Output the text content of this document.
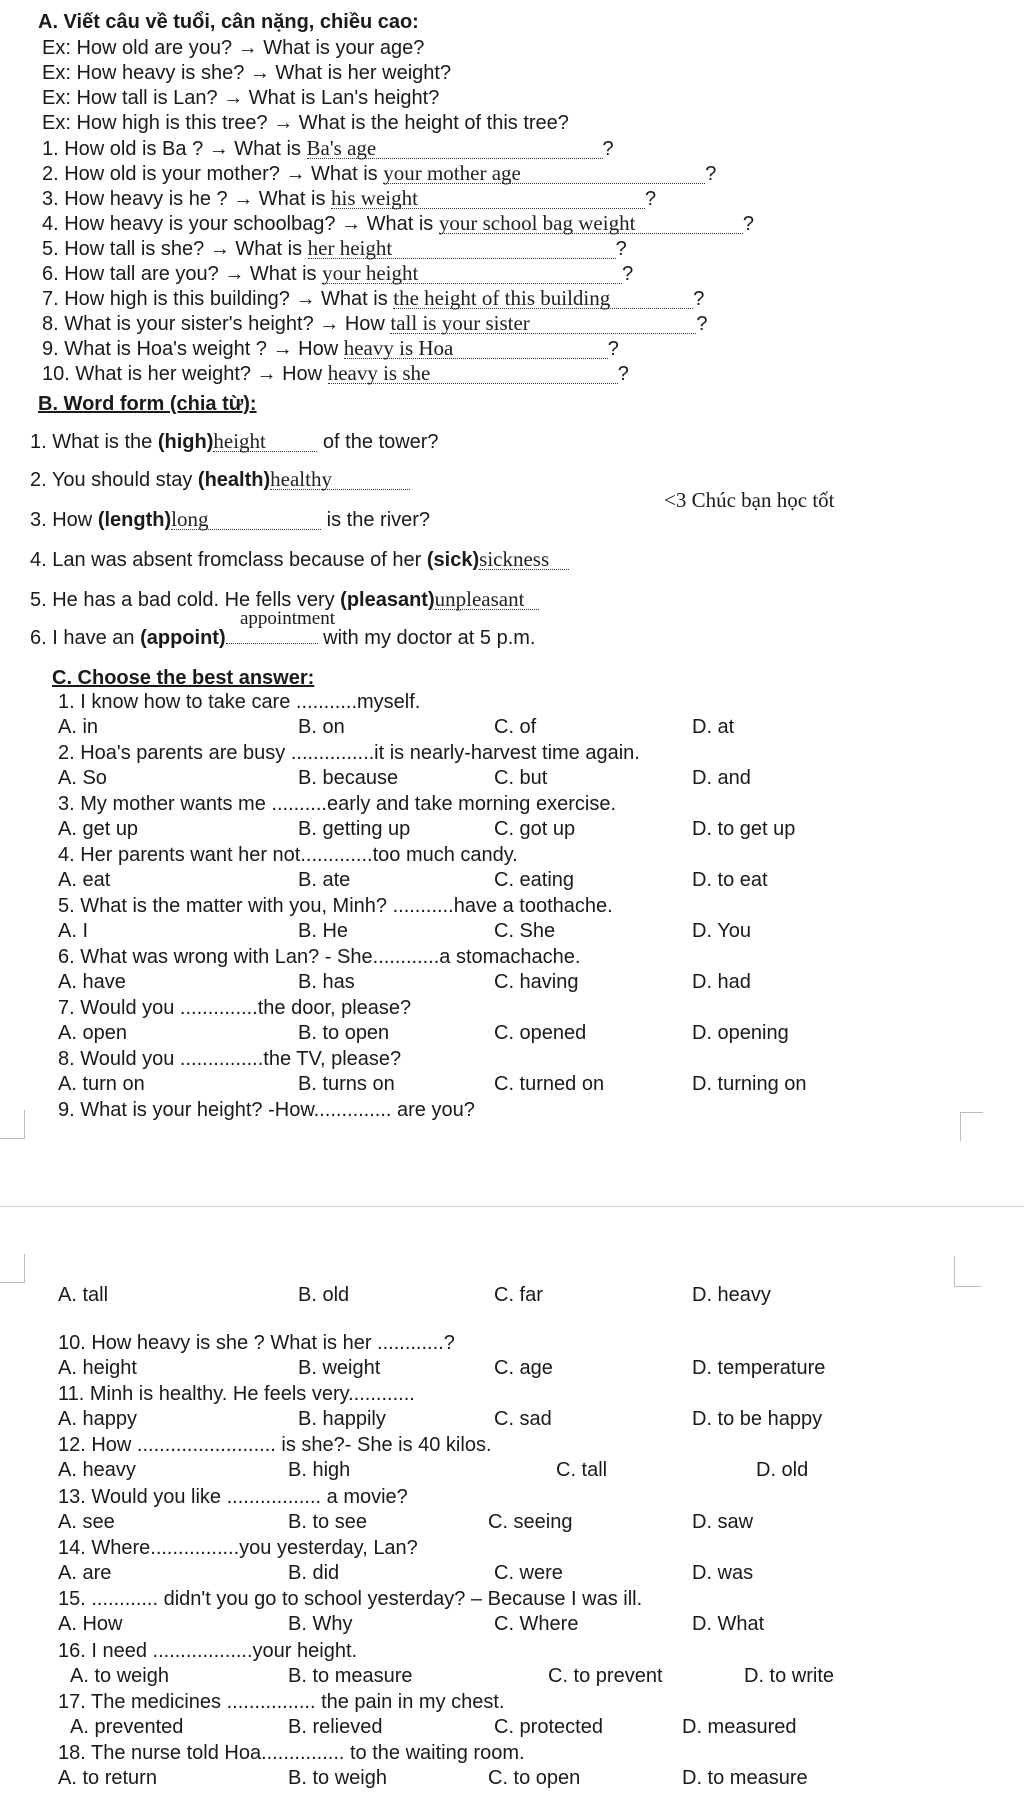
A. Viết câu về tuổi, cân nặng, chiều cao:
Ex: How old are you? → What is your age?
Ex: How heavy is she? → What is her weight?
Ex: How tall is Lan? → What is Lan's height?
Ex: How high is this tree? → What is the height of this tree?
1. How old is Ba ? → What is Ba's age	?
2. How old is your mother? → What is your mother age	?
3. How heavy is he ? → What is his weight	?
4. How heavy is your schoolbag? → What is your school bag weight	?
5. How tall is she? → What is her height	?
6. How tall are you? → What is your height	?
7. How high is this building? → What is the height of this building	?
8. What is your sister's height? → How tall is your sister	?
9. What is Hoa's weight ? → How heavy is Hoa	?
10. What is her weight? → How heavy is she	?
B. Word form (chia từ):
1. What is the (high)height	of the tower?
2. You should stay (health)healthy
<3 Chúc bạn học tốt
3. How (length)long	is the river?
4. Lan was absent fromclass because of her (sick)sickness
5. He has a bad cold. He fells very (pleasant)unpleasant
appointment
6. I have an (appoint)	with my doctor at 5 p.m.
C. Choose the best answer:
1. I know how to take care ...........myself.
A. in	B. on	C. of	D. at
2. Hoa's parents are busy ...............it is nearly-harvest time again.
A. So	B. because	C. but	D. and
3. My mother wants me ..........early and take morning exercise.
A. get up	B. getting up	C. got up	D. to get up
4. Her parents want her not.............too much candy.
A. eat	B. ate	C. eating	D. to eat
5. What is the matter with you, Minh? ...........have a toothache.
A. I	B. He	C. She	D. You
6. What was wrong with Lan? - She............a stomachache.
A. have	B. has	C. having	D. had
7. Would you ..............the door, please?
A. open	B. to open	C. opened	D. opening
8. Would you ...............the TV, please?
A. turn on	B. turns on	C. turned on	D. turning on
9. What is your height? -How.............. are you?
A. tall	B. old	C. far	D. heavy
10. How heavy is she ? What is her ............?
A. height	B. weight	C. age	D. temperature
11. Minh is healthy. He feels very............
A. happy	B. happily	C. sad	D. to be happy
12. How ......................... is she?- She is 40 kilos.
A. heavy	B. high	C. tall	D. old
13. Would you like ................. a movie?
A. see	B. to see	C. seeing	D. saw
14. Where................you yesterday, Lan?
A. are	B. did	C. were	D. was
15. ............ didn't you go to school yesterday? – Because I was ill.
A. How	B. Why	C. Where	D. What
16. I need ..................your height.
A. to weigh	B. to measure	C. to prevent	D. to write
17. The medicines ................ the pain in my chest.
A. prevented	B. relieved	C. protected	D. measured
18. The nurse told Hoa............... to the waiting room.
A. to return	B. to weigh	C. to open	D. to measure
